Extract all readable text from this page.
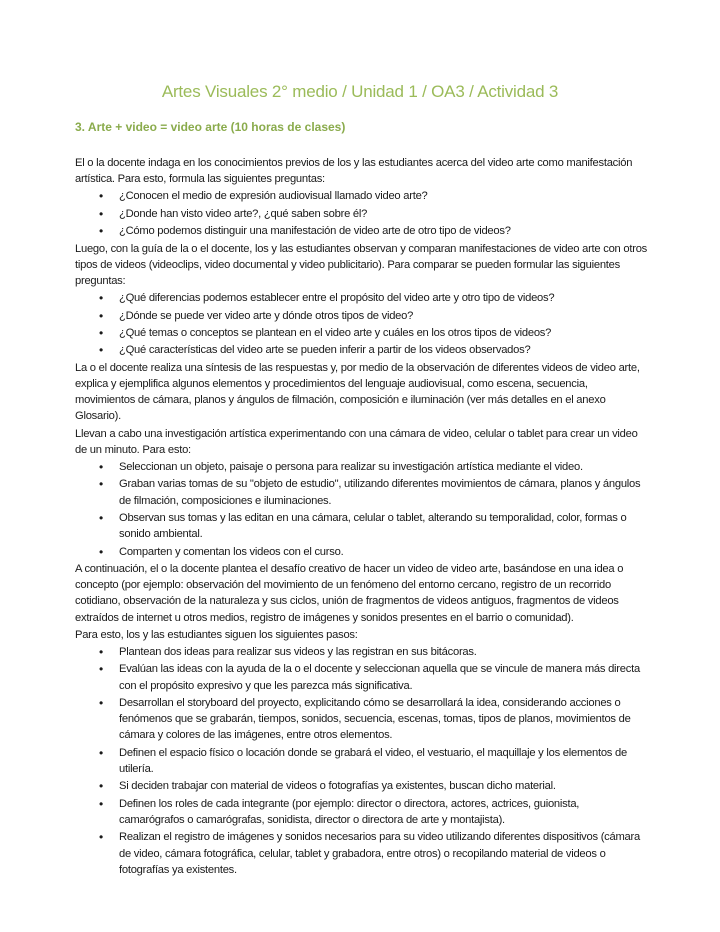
Artes Visuales 2° medio / Unidad 1 / OA3 / Actividad 3
3. Arte + video = video arte (10 horas de clases)

El o la docente indaga en los conocimientos previos de los y las estudiantes acerca del video arte como manifestación artística. Para esto, formula las siguientes preguntas:

• ¿Conocen el medio de expresión audiovisual llamado video arte?
• ¿Donde han visto video arte?, ¿qué saben sobre él?
• ¿Cómo podemos distinguir una manifestación de video arte de otro tipo de videos?

Luego, con la guía de la o el docente, los y las estudiantes observan y comparan manifestaciones de video arte con otros tipos de videos (videoclips, video documental y video publicitario). Para comparar se pueden formular las siguientes preguntas:

• ¿Qué diferencias podemos establecer entre el propósito del video arte y otro tipo de videos?
• ¿Dónde se puede ver video arte y dónde otros tipos de video?
• ¿Qué temas o conceptos se plantean en el video arte y cuáles en los otros tipos de videos?
• ¿Qué características del video arte se pueden inferir a partir de los videos observados?

La o el docente realiza una síntesis de las respuestas y, por medio de la observación de diferentes videos de video arte, explica y ejemplifica algunos elementos y procedimientos del lenguaje audiovisual, como escena, secuencia, movimientos de cámara, planos y ángulos de filmación, composición e iluminación (ver más detalles en el anexo Glosario).

Llevan a cabo una investigación artística experimentando con una cámara de video, celular o tablet para crear un video de un minuto. Para esto:

• Seleccionan un objeto, paisaje o persona para realizar su investigación artística mediante el video.
• Graban varias tomas de su "objeto de estudio", utilizando diferentes movimientos de cámara, planos y ángulos de filmación, composiciones e iluminaciones.
• Observan sus tomas y las editan en una cámara, celular o tablet, alterando su temporalidad, color, formas o sonido ambiental.
• Comparten y comentan los videos con el curso.

A continuación, el o la docente plantea el desafío creativo de hacer un video de video arte, basándose en una idea o concepto (por ejemplo: observación del movimiento de un fenómeno del entorno cercano, registro de un recorrido cotidiano, observación de la naturaleza y sus ciclos, unión de fragmentos de videos antiguos, fragmentos de videos extraídos de internet u otros medios, registro de imágenes y sonidos presentes en el barrio o comunidad).

Para esto, los y las estudiantes siguen los siguientes pasos:

• Plantean dos ideas para realizar sus videos y las registran en sus bitácoras.
• Evalúan las ideas con la ayuda de la o el docente y seleccionan aquella que se vincule de manera más directa con el propósito expresivo y que les parezca más significativa.
• Desarrollan el storyboard del proyecto, explicitando cómo se desarrollará la idea, considerando acciones o fenómenos que se grabarán, tiempos, sonidos, secuencia, escenas, tomas, tipos de planos, movimientos de cámara y colores de las imágenes, entre otros elementos.
• Definen el espacio físico o locación donde se grabará el video, el vestuario, el maquillaje y los elementos de utilería.
• Si deciden trabajar con material de videos o fotografías ya existentes, buscan dicho material.
• Definen los roles de cada integrante (por ejemplo: director o directora, actores, actrices, guionista, camarógrafos o camarógrafas, sonidista, director o directora de arte y montajista).
• Realizan el registro de imágenes y sonidos necesarios para su video utilizando diferentes dispositivos (cámara de video, cámara fotográfica, celular, tablet y grabadora, entre otros) o recopilando material de videos o fotografías ya existentes.
